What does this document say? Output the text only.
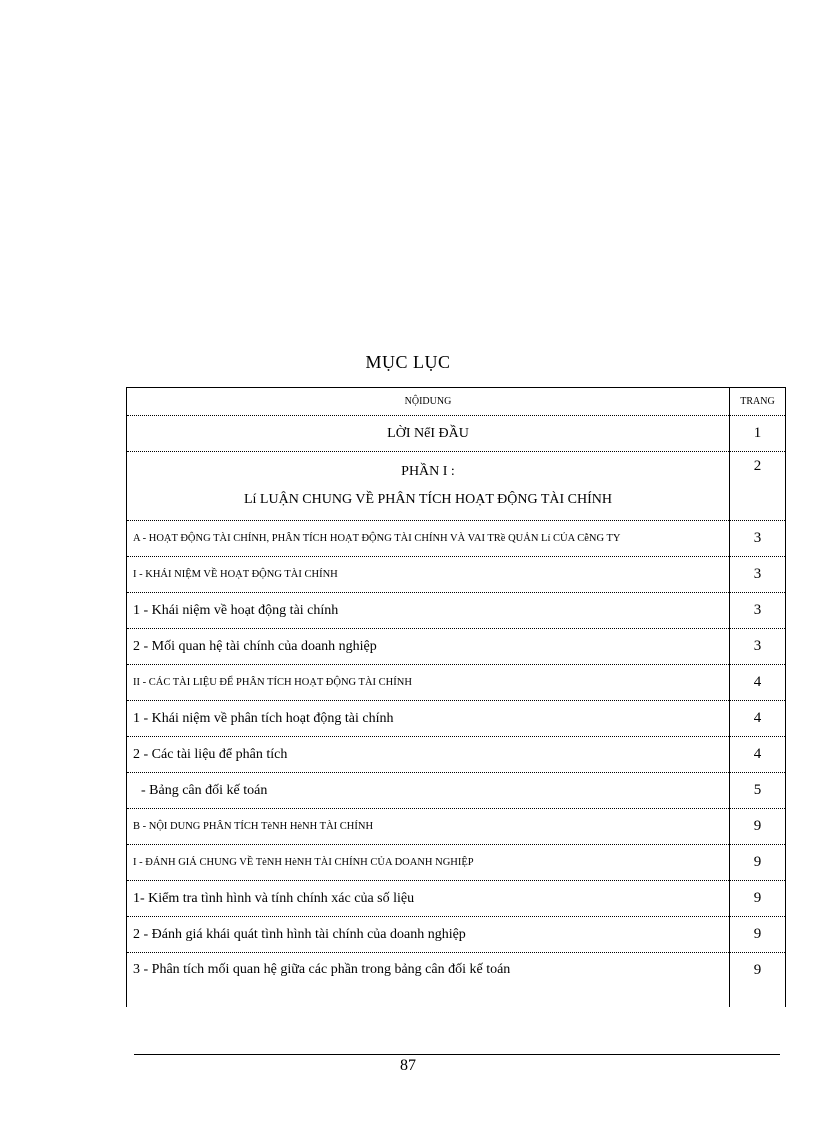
MỤC LỤC
NỘIDUNG	TRANG
LỜI NểI ĐẦU	1

PHẦN I :
Lí LUẬN CHUNG VỀ PHÂN TÍCH HOẠT ĐỘNG TÀI CHÍNH	2
A - HOẠT ĐỘNG TÀI CHÍNH, PHÂN TÍCH HOẠT ĐỘNG TÀI CHÍNH VÀ VAI TRề QUẢN Lí CỦA CễNG TY	3
I - KHÁI NIỆM VỀ HOẠT ĐỘNG TÀI CHÍNH	3
1 - Khái niệm về hoạt động tài chính	3
2 - Mối quan hệ tài chính của doanh nghiệp	3
II - CÁC TÀI LIỆU ĐỂ PHÂN TÍCH HOẠT ĐỘNG TÀI CHÍNH	4
1 - Khái niệm về phân tích hoạt động tài chính	4
2 - Các tài liệu để phân tích	4
- Bảng cân đối kế toán	5
B - NỘI DUNG PHÂN TÍCH TèNH HèNH TÀI CHÍNH	9
I - ĐÁNH GIÁ CHUNG VỀ TèNH HèNH TÀI CHÍNH CỦA DOANH NGHIỆP	9
1- Kiểm tra tình hình và tính chính xác của số liệu	9
2 - Đánh giá khái quát tình hình tài chính của doanh nghiệp	9
3 - Phân tích mối quan hệ giữa các phần trong bảng cân đối kế toán	9
87
